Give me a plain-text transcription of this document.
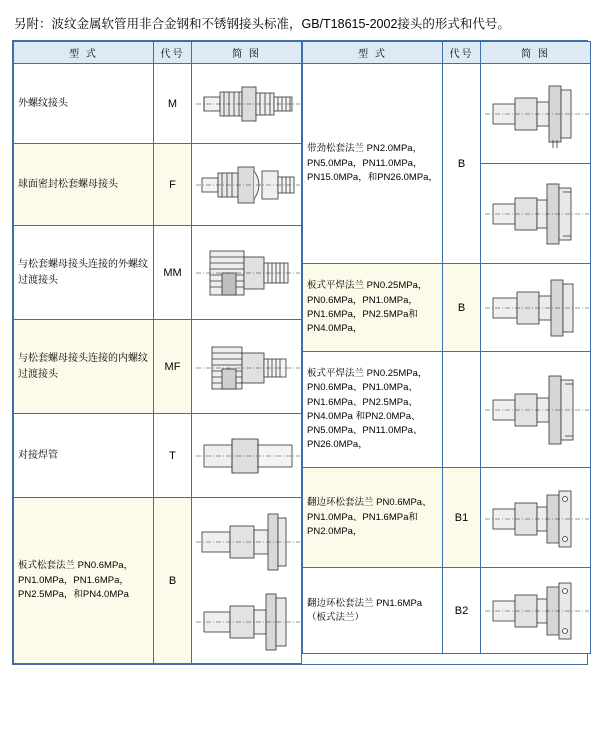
另附：波纹金属软管用非合金钢和不锈钢接头标准，GB/T18615-2002接头的形式和代号。
型 式	代号	简 图
外螺纹接头	M	

球面密封松套螺母接头	F	

与松套螺母接头连接的外螺纹过渡接头	MM	

与松套螺母接头连接的内螺纹过渡接头	MF	

对接焊管	T	

板式松套法兰 PN0.6MPa，PN1.0MPa，PN1.6MPa，PN2.5MPa，和PN4.0MPa	B	
型 式	代号	简 图

带劲松套法兰 PN2.0MPa，PN5.0MPa，PN11.0MPa，PN15.0MPa，和PN26.0MPa，	B	

板式平焊法兰 PN0.25MPa，PN0.6MPa，PN1.0MPa，PN1.6MPa，PN2.5MPa和PN4.0MPa，	B	

板式平焊法兰 PN0.25MPa，PN0.6MPa、PN1.0MPa、PN1.6MPa、PN2.5MPa、PN4.0MPa 和PN2.0MPa、PN5.0MPa、PN11.0MPa、PN26.0MPa，

翻边环松套法兰 PN0.6MPa、PN1.0MPa、PN1.6MPa和PN2.0MPa，	B1	

翻边环松套法兰 PN1.6MPa（板式法兰）	B2	
